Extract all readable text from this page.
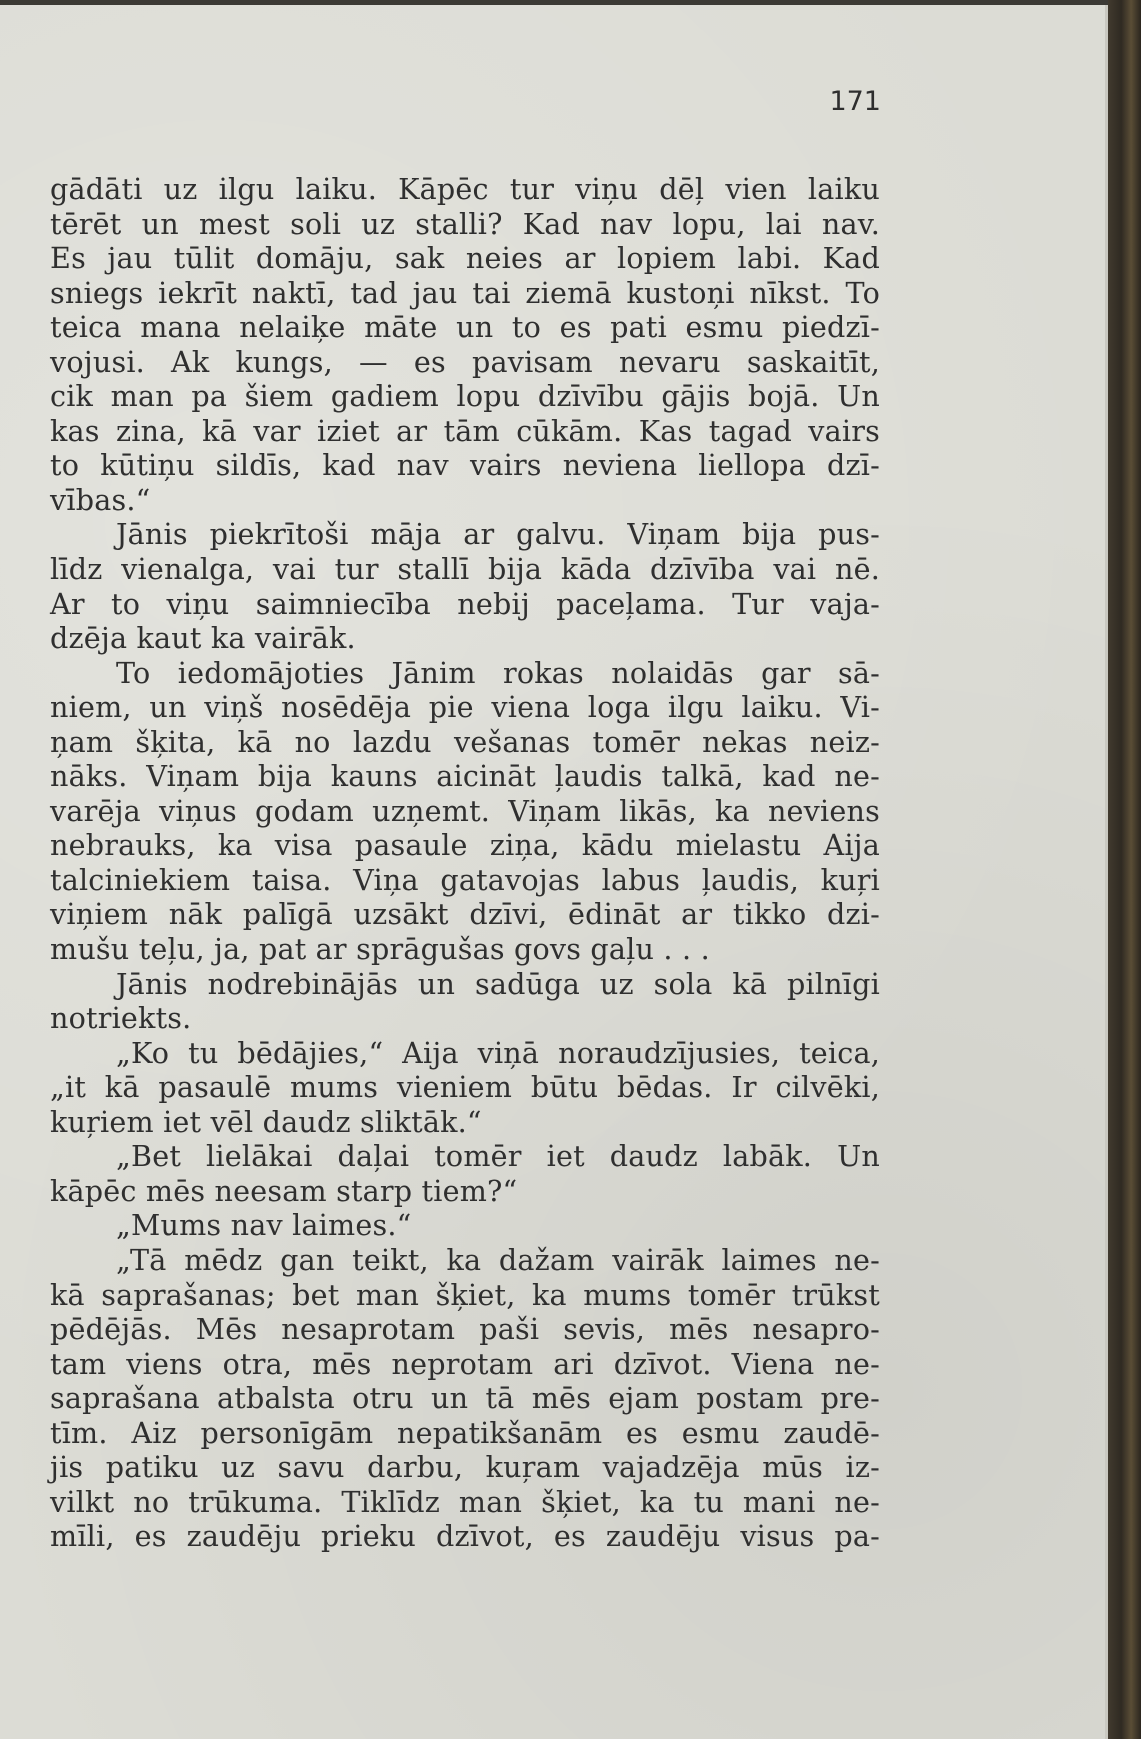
171
gādāti uz ilgu laiku. Kāpēc tur viņu dēļ vien laiku
tērēt un mest soli uz stalli? Kad nav lopu, lai nav.
Es jau tūlit domāju, sak neies ar lopiem labi. Kad
sniegs iekrīt naktī, tad jau tai ziemā kustoņi nīkst. To
teica mana nelaiķe māte un to es pati esmu piedzī-
vojusi. Ak kungs, — es pavisam nevaru saskaitīt,
cik man pa šiem gadiem lopu dzīvību gājis bojā. Un
kas zina, kā var iziet ar tām cūkām. Kas tagad vairs
to kūtiņu sildīs, kad nav vairs neviena liellopa dzī-
vības.“
Jānis piekrītoši māja ar galvu. Viņam bija pus-
līdz vienalga, vai tur stallī bija kāda dzīvība vai nē.
Ar to viņu saimniecība nebij paceļama. Tur vaja-
dzēja kaut ka vairāk.
To iedomājoties Jānim rokas nolaidās gar sā-
niem, un viņš nosēdēja pie viena loga ilgu laiku. Vi-
ņam šķita, kā no lazdu vešanas tomēr nekas neiz-
nāks. Viņam bija kauns aicināt ļaudis talkā, kad ne-
varēja viņus godam uzņemt. Viņam likās, ka neviens
nebrauks, ka visa pasaule ziņa, kādu mielastu Aija
talciniekiem taisa. Viņa gatavojas labus ļaudis, kuŗi
viņiem nāk palīgā uzsākt dzīvi, ēdināt ar tikko dzi-
mušu teļu, ja, pat ar sprāgušas govs gaļu . . .
Jānis nodrebinājās un sadūga uz sola kā pilnīgi
notriekts.
„Ko tu bēdājies,“ Aija viņā noraudzījusies, teica,
„it kā pasaulē mums vieniem būtu bēdas. Ir cilvēki,
kuŗiem iet vēl daudz sliktāk.“
„Bet lielākai daļai tomēr iet daudz labāk. Un
kāpēc mēs neesam starp tiem?“
„Mums nav laimes.“
„Tā mēdz gan teikt, ka dažam vairāk laimes ne-
kā saprašanas; bet man šķiet, ka mums tomēr trūkst
pēdējās. Mēs nesaprotam paši sevis, mēs nesapro-
tam viens otra, mēs neprotam ari dzīvot. Viena ne-
saprašana atbalsta otru un tā mēs ejam postam pre-
tīm. Aiz personīgām nepatikšanām es esmu zaudē-
jis patiku uz savu darbu, kuŗam vajadzēja mūs iz-
vilkt no trūkuma. Tiklīdz man šķiet, ka tu mani ne-
mīli, es zaudēju prieku dzīvot, es zaudēju visus pa-
